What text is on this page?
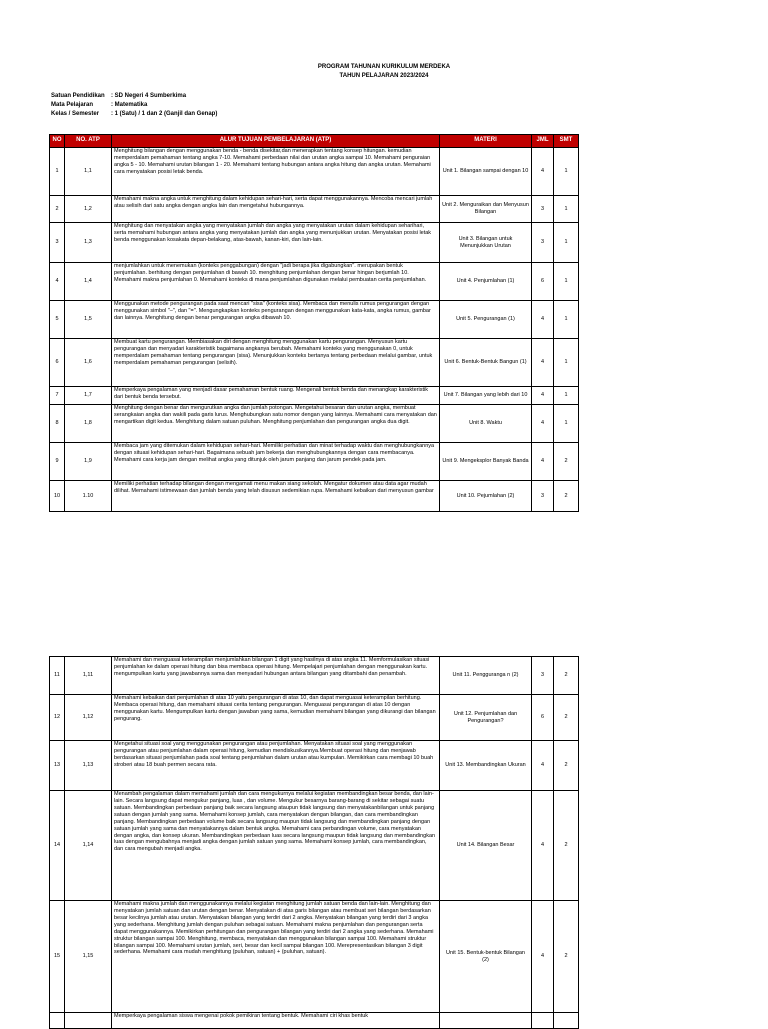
PROGRAM TAHUNAN KURIKULUM MERDEKA
TAHUN PELAJARAN 2023/2024
Satuan Pendidikan : SD Negeri 4 Sumberkima
Mata Pelajaran	: Matematika
Kelas / Semester : 1 (Satu) / 1 dan 2 (Ganjil dan Genap)
NO	NO. ATP	ALUR TUJUAN PEMBELAJARAN (ATP)	MATERI	JML	SMT
1	1,1	Menghitung bilangan dengan menggunakan benda - benda disekitar,dan menerapkan tentang konsep hitungan. kemudian memperdalam pemahaman tentang angka 7-10. Memahami perbedaan nilai dan urutan angka sampai 10. Memahami penguraian angka 5 - 10. Memahami urutan bilangan 1 - 20. Memahami tentang hubungan antara angka hitung dan angka urutan. Memahami cara menyatakan posisi letak benda.	Unit 1. Bilangan sampai dengan 10	4	1
2	1,2	Memahami makna angka untuk menghitung dalam kehidupan sehari-hari, serta dapat menggunakannya. Mencoba mencari jumlah atau selisih dari satu angka dengan angka lain dan mengetahui hubungannya.	Unit 2. Menguraikan dan Menyusun Bilangan	3	1
3	1,3	Menghitung dan menyatakan angka yang menyatakan jumlah dan angka yang menyatakan urutan dalam kehidupan seharihari, serta memahami hubungan antara angka yang menyatakan jumlah dan angka yang menunjukkan urutan. Menyatakan posisi letak benda menggunakan kosakata depan-belakang, atas-bawah, kanan-kiri, dan lain-lain.	Unit 3. Bilangan untuk Menunjukkan Urutan	3	1
4	1,4	menjumlahkan untuk menemukan (konteks penggabungan) dengan "jadi berapa jika digabungkan". merupakan bentuk penjumlahan. berhitung dengan penjumlahan di bawah 10. menghitung penjumlahan dengan benar hingan berjumlah 10. Memahami makna penjumlahan 0. Memahami konteks di mana penjumlahan digunakan melalui pembuatan cerita penjumlahan.	Unit 4. Penjumlahan (1)	6	1
5	1,5	Menggunakan metode pengurangan pada saat mencari "sisa" (konteks sisa). Membaca dan menulis rumus pengurangan dengan menggunakan simbol "–", dan "=". Mengungkapkan konteks pengurangan dengan menggunakan kata-kata, angka rumus, gambar dan lainnya. Menghitung dengan benar pengurangan angka dibawah 10.	Unit 5. Pengurangan (1)	4	1
6	1,6	Membuat kartu pengurangan. Membiasakan diri dengan menghitung menggunakan kartu pengurangan. Menyusun kartu pengurangan dan menyadari karakteristik bagaimana angkanya berubah. Memahami konteks yang menggunakan 0, untuk memperdalam pemahaman tentang pengurangan (sisa). Menunjukkan konteks bertanya tentang perbedaan melalui gambar, untuk memperdalam pemahaman pengurangan (selisih).	Unit 6. Bentuk-Bentuk Bangun (1)	4	1
7	1,7	Memperkaya pengalaman yang menjadi dasar pemahaman bentuk ruang. Mengenali bentuk benda dan menangkap karakteristik dari bentuk benda tersebut.	Unit 7. Bilangan yang lebih dari 10	4	1
8	1,8	Menghitung dengan benar dan mengurutkan angka dan jumlah potongan. Mengetahui besaran dan urutan angka, membuat serangkaian angka dan wakili pada garis lurus. Menghubungkan satu nomor dengan yang lainnya. Memahami cara menyatakan dan mengartikan digit kedua. Menghitung dalam satuan puluhan. Menghitung penjumlahan dan pengurangan angka dua digit.	Unit 8. Waktu	4	1
9	1,9	Membaca jam yang ditemukan dalam kehidupan sehari-hari. Memiliki perhatian dan minat terhadap waktu dan menghubungkannya dengan situasi kehidupan sehari-hari. Bagaimana sebuah jam bekerja dan menghubungkannya dengan cara membacanya. Memahami cara kerja jam dengan melihat angka yang ditunjuk oleh jarum panjang dan jarum pendek pada jam.	Unit 9. Mengeksplor Banyak Banda	4	2
10	1.10	Memiliki perhatian terhadap bilangan dengan mengamati menu makan siang sekolah. Mengatur dokumen atau data agar mudah dilihat. Memahami istimewaan dan jumlah benda yang telah disusun sedemikian rupa. Memahami kebaikan dari menyusun gambar	Unit 10. Pejumlahan (2)	3	2
11	1,11	Memahami dan menguasai keterampilan menjumlahkan bilangan 1 digit yang hasilnya di atas angka 11. Memformulasikan situasi penjumlahan ke dalam operasi hitung dan bisa membaca operasi hitung. Mempelajari penjumlahan dengan menggunakan kartu. mengumpulkan kartu yang jawabannya sama dan menyadari hubungan antara bilangan yang ditambahi dan penambah.	Unit 11. Pengguranga n (2)	3	2
12	1,12	Memahami kebaikan dari penjumlahan di atas 10 yaitu pengurangan di atas 10, dan dapat menguasai keterampilan berhitung. Membaca operasi hitung, dan memahami situasi cerita tentang pengurangan. Menguasai pengurangan di atas 10 dengan menggunakan kartu. Mengumpulkan kartu dengan jawaban yang sama, kemudian memahami bilangan yang dikurangi dan bilangan pengurang.	Unit 12. Penjumlahan dan Pengurangan?	6	2
13	1,13	Mengetahui situasi soal yang menggunakan pengurangan atau penjumlahan. Menyatakan situasi soal yang menggunakan pengurangan atau penjumlahan dalam operasi hitung, kemudian mendiskusikannya.Membuat operasi hitung dan menjawab berdasarkan situasi penjumlahan pada soal tentang penjumlahan dalam urutan atau kumpulan. Memikirkan cara membagi 10 buah stroberi atau 18 buah permen secara rata.	Unit 13. Membandingkan Ukuran	4	2
14	1,14	Menambah pengalaman dalam memahami jumlah dan cara mengukurnya melalui kegiatan membandingkan besar benda, dan lain-lain. Secara langsung dapat mengukur panjang, luas , dan volume. Mengukur besarnya barang-barang di sekitar sebagai suatu satuan. Membandingkan perbedaan panjang baik secara langsung ataupun tidak langsung dan menyatakanbilangan untuk panjang satuan dengan jumlah yang sama. Memahami konsep jumlah, cara menyatakan dengan bilangan, dan cara membandingkan panjang. Membandingkan perbedaan volume baik secara langsung maupun tidak langsung dan membandingkan panjang dengan satuan jumlah yang sama dan menyatakannya dalam bentuk angka. Memahami cara perbandingan volume, cara menyatakan dengan angka, dan konsep ukuran. Membandingkan perbedaan luas secara langsung maupun tidak langsung dan membandingkan luas dengan mengubahnya menjadi angka dengan jumlah satuan yang sama. Memahami konsep jumlah, cara membandingkan, dan cara mengubah menjadi angka.	Unit 14. Bilangan Besar	4	2
15	1,15	Memahami makna jumlah dan menggunakannya melalui kegiatan menghitung jumlah satuan benda dan lain-lain. Menghitung dan menyatakan jumlah satuan dan urutan dengan benar. Menyatakan di atas garis bilangan atau membuat seri bilangan berdasarkan besar kecilnya jumlah atau urutan. Menyatakan bilangan yang terdiri dari 2 angka. Menyatakan bilangan yang terdiri dari 3 angka yang sederhana. Menghitung jumlah dengan puluhan sebagai satuan. Memahami makna penjumlahan dan pengurangan serta dapat menggunakannya. Memikirkan perhitungan dan pengurangan bilangan yang terdiri dari 2 angka yang sederhana. Memahami struktur bilangan sampai 100. Menghitung, membaca, menyatakan dan menggunakan bilangan sampai 100. Memahami struktur bilangan sampai 100. Memahami urutan jumlah, seri, besar dan kecil sampai bilangan 100. Merepresentasikan bilangan 3 digit sederhana. Memahami cara mudah menghitung (puluhan, satuan) + (puluhan, satuan).	Unit 15. Bentuk-bentuk Bilangan (2)	4	2
		Memperkaya pengalaman siswa mengenai pokok pemikiran tentang bentuk. Memahami ciri khas bentuk			
